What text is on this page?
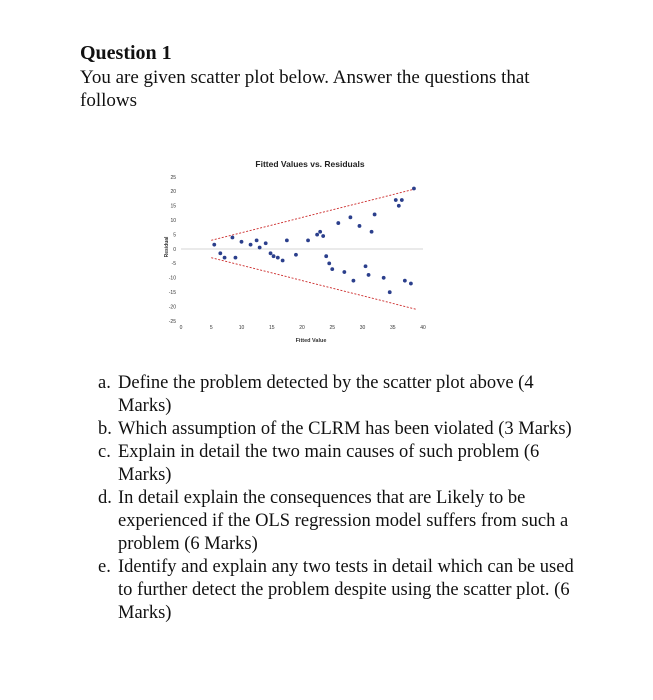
Question 1

You are given scatter plot below. Answer the questions that follows

Fitted Values vs. Residuals
Residual
Fitted Value
25
20
15
10
5
0
-5
-10
-15
-20
-25
0	5	10	15	20	25	30	35	40
a. Define the problem detected by the scatter plot above (4 Marks)
b. Which assumption of the CLRM has been violated (3 Marks)
c. Explain in detail the two main causes of such problem (6 Marks)
d. In detail explain the consequences that are Likely to be experienced if the OLS regression model suffers from such a problem (6 Marks)
e. Identify and explain any two tests in detail which can be used to further detect the problem despite using the scatter plot. (6 Marks)
